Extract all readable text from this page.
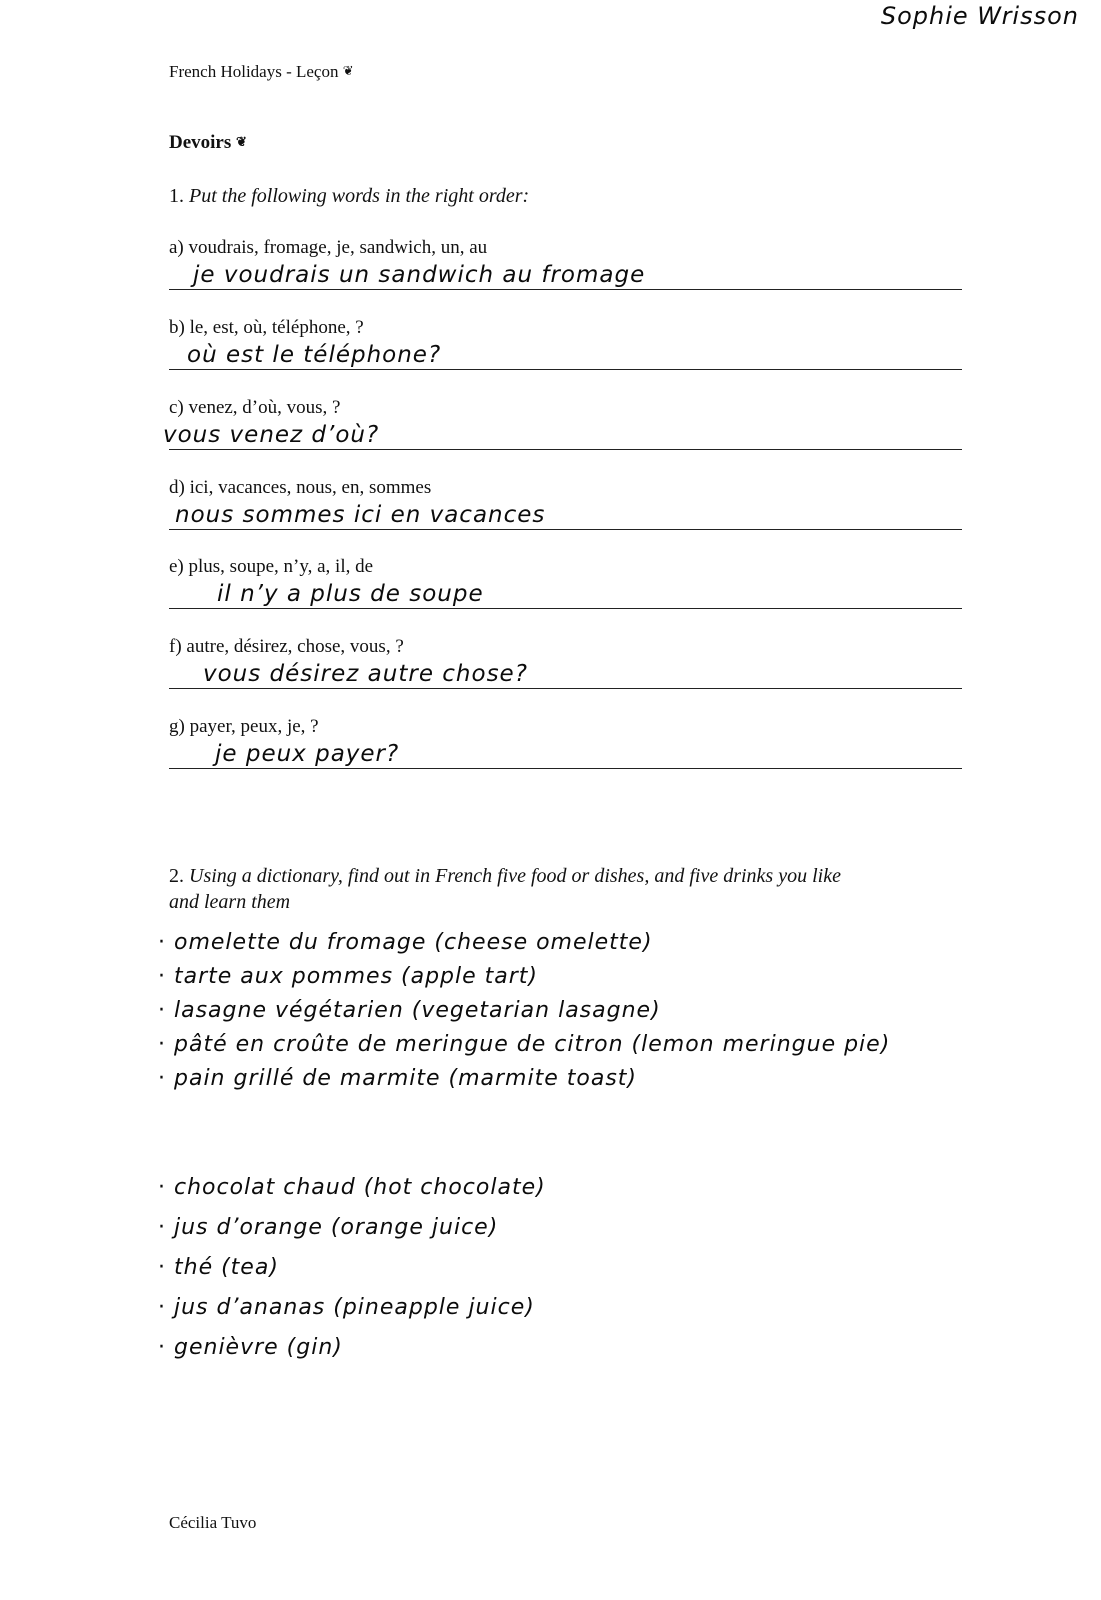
Sophie Wrisson
French Holidays - Leçon ❦
Devoirs ❦
1. Put the following words in the right order:
a) voudrais, fromage, je, sandwich, un, au
je voudrais un sandwich au fromage
b) le, est, où, téléphone, ?
où est le téléphone?
c) venez, d’où, vous, ?
vous venez d’où?
d) ici, vacances, nous, en, sommes
nous sommes ici en vacances
e) plus, soupe, n’y, a, il, de
il n’y a plus de soupe
f) autre, désirez, chose, vous, ?
vous désirez autre chose?
g) payer, peux, je, ?
je peux payer?
2. Using a dictionary, find out in French five food or dishes, and five drinks you like
and learn them
· omelette du fromage (cheese omelette)
· tarte aux pommes (apple tart)
· lasagne végétarien (vegetarian lasagne)
· pâté en croûte de meringue de citron (lemon meringue pie)
· pain grillé de marmite (marmite toast)
· chocolat chaud (hot chocolate)
· jus d’orange (orange juice)
· thé (tea)
· jus d’ananas (pineapple juice)
· genièvre (gin)
Cécilia Tuvo
